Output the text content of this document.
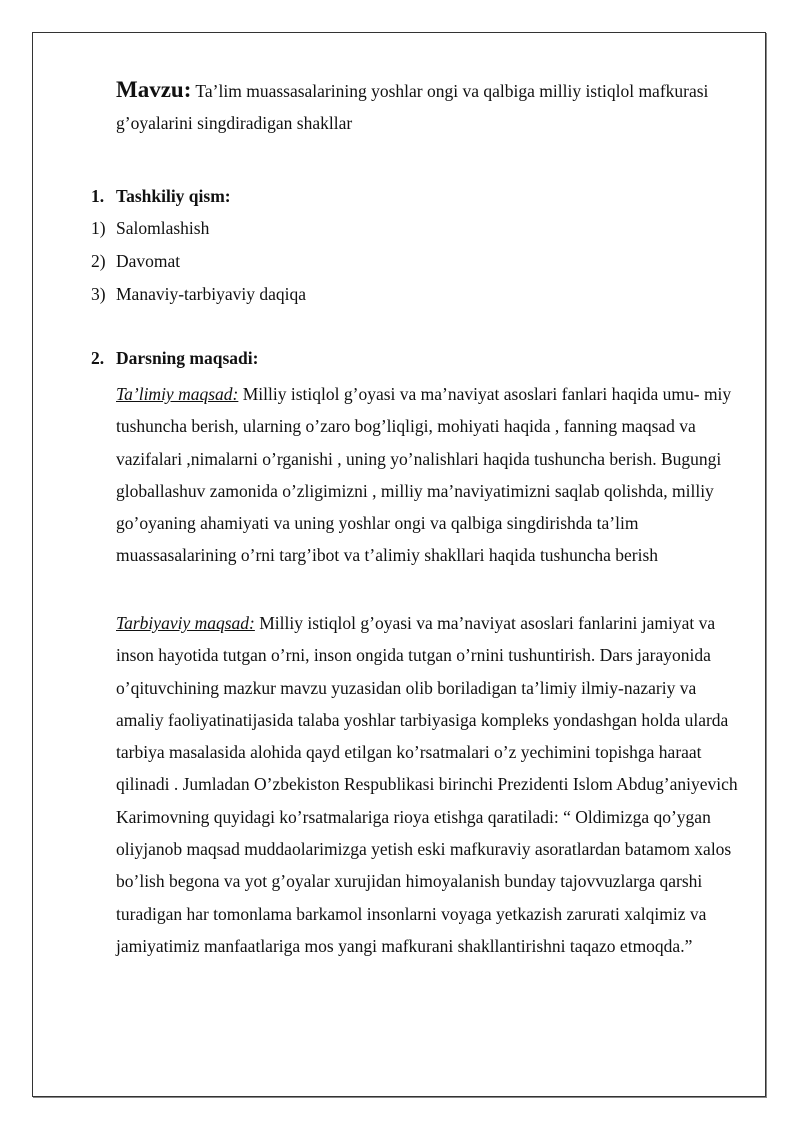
Mavzu: Ta’lim muassasalarining yoshlar ongi va qalbiga milliy istiqlol mafkurasi g’oyalarini singdiradigan shakllar
1. Tashkiliy qism:
1) Salomlashish
2) Davomat
3) Manaviy-tarbiyaviy daqiqa
2. Darsning maqsadi:
Ta’limiy maqsad: Milliy istiqlol g’oyasi va ma’naviyat asoslari fanlari haqida umu- miy tushuncha berish, ularning o’zaro bog’liqligi, mohiyati haqida , fanning maqsad va vazifalari ,nimalarni o’rganishi , uning yo’nalishlari haqida tushuncha berish. Bugungi globallashuv zamonida o’zligimizni , milliy ma’naviyatimizni saqlab qolishda, milliy go’oyaning ahamiyati va uning yoshlar ongi va qalbiga singdirishda ta’lim muassasalarining o’rni targ’ibot va t’alimiy shakllari haqida tushuncha berish
Tarbiyaviy maqsad: Milliy istiqlol g’oyasi va ma’naviyat asoslari fanlarini jamiyat va inson hayotida tutgan o’rni, inson ongida tutgan o’rnini tushuntirish. Dars jarayonida o’qituvchining mazkur mavzu yuzasidan olib boriladigan ta’limiy ilmiy-nazariy va amaliy faoliyatinatijasida talaba yoshlar tarbiyasiga kompleks yondashgan holda ularda tarbiya masalasida alohida qayd etilgan ko’rsatmalari o’z yechimini topishga haraat qilinadi . Jumladan O’zbekiston Respublikasi birinchi Prezidenti Islom Abdug’aniyevich Karimovning quyidagi ko’rsatmalariga rioya etishga qaratiladi: “ Oldimizga qo’ygan oliyjanob maqsad muddaolarimizga yetish eski mafkuraviy asoratlardan batamom xalos bo’lish begona va yot g’oyalar xurujidan himoyalanish bunday tajovvuzlarga qarshi turadigan har tomonlama barkamol insonlarni voyaga yetkazish zarurati xalqimiz va jamiyatimiz manfaatlariga mos yangi mafkurani shakllantirishni taqazo etmoqda.”
